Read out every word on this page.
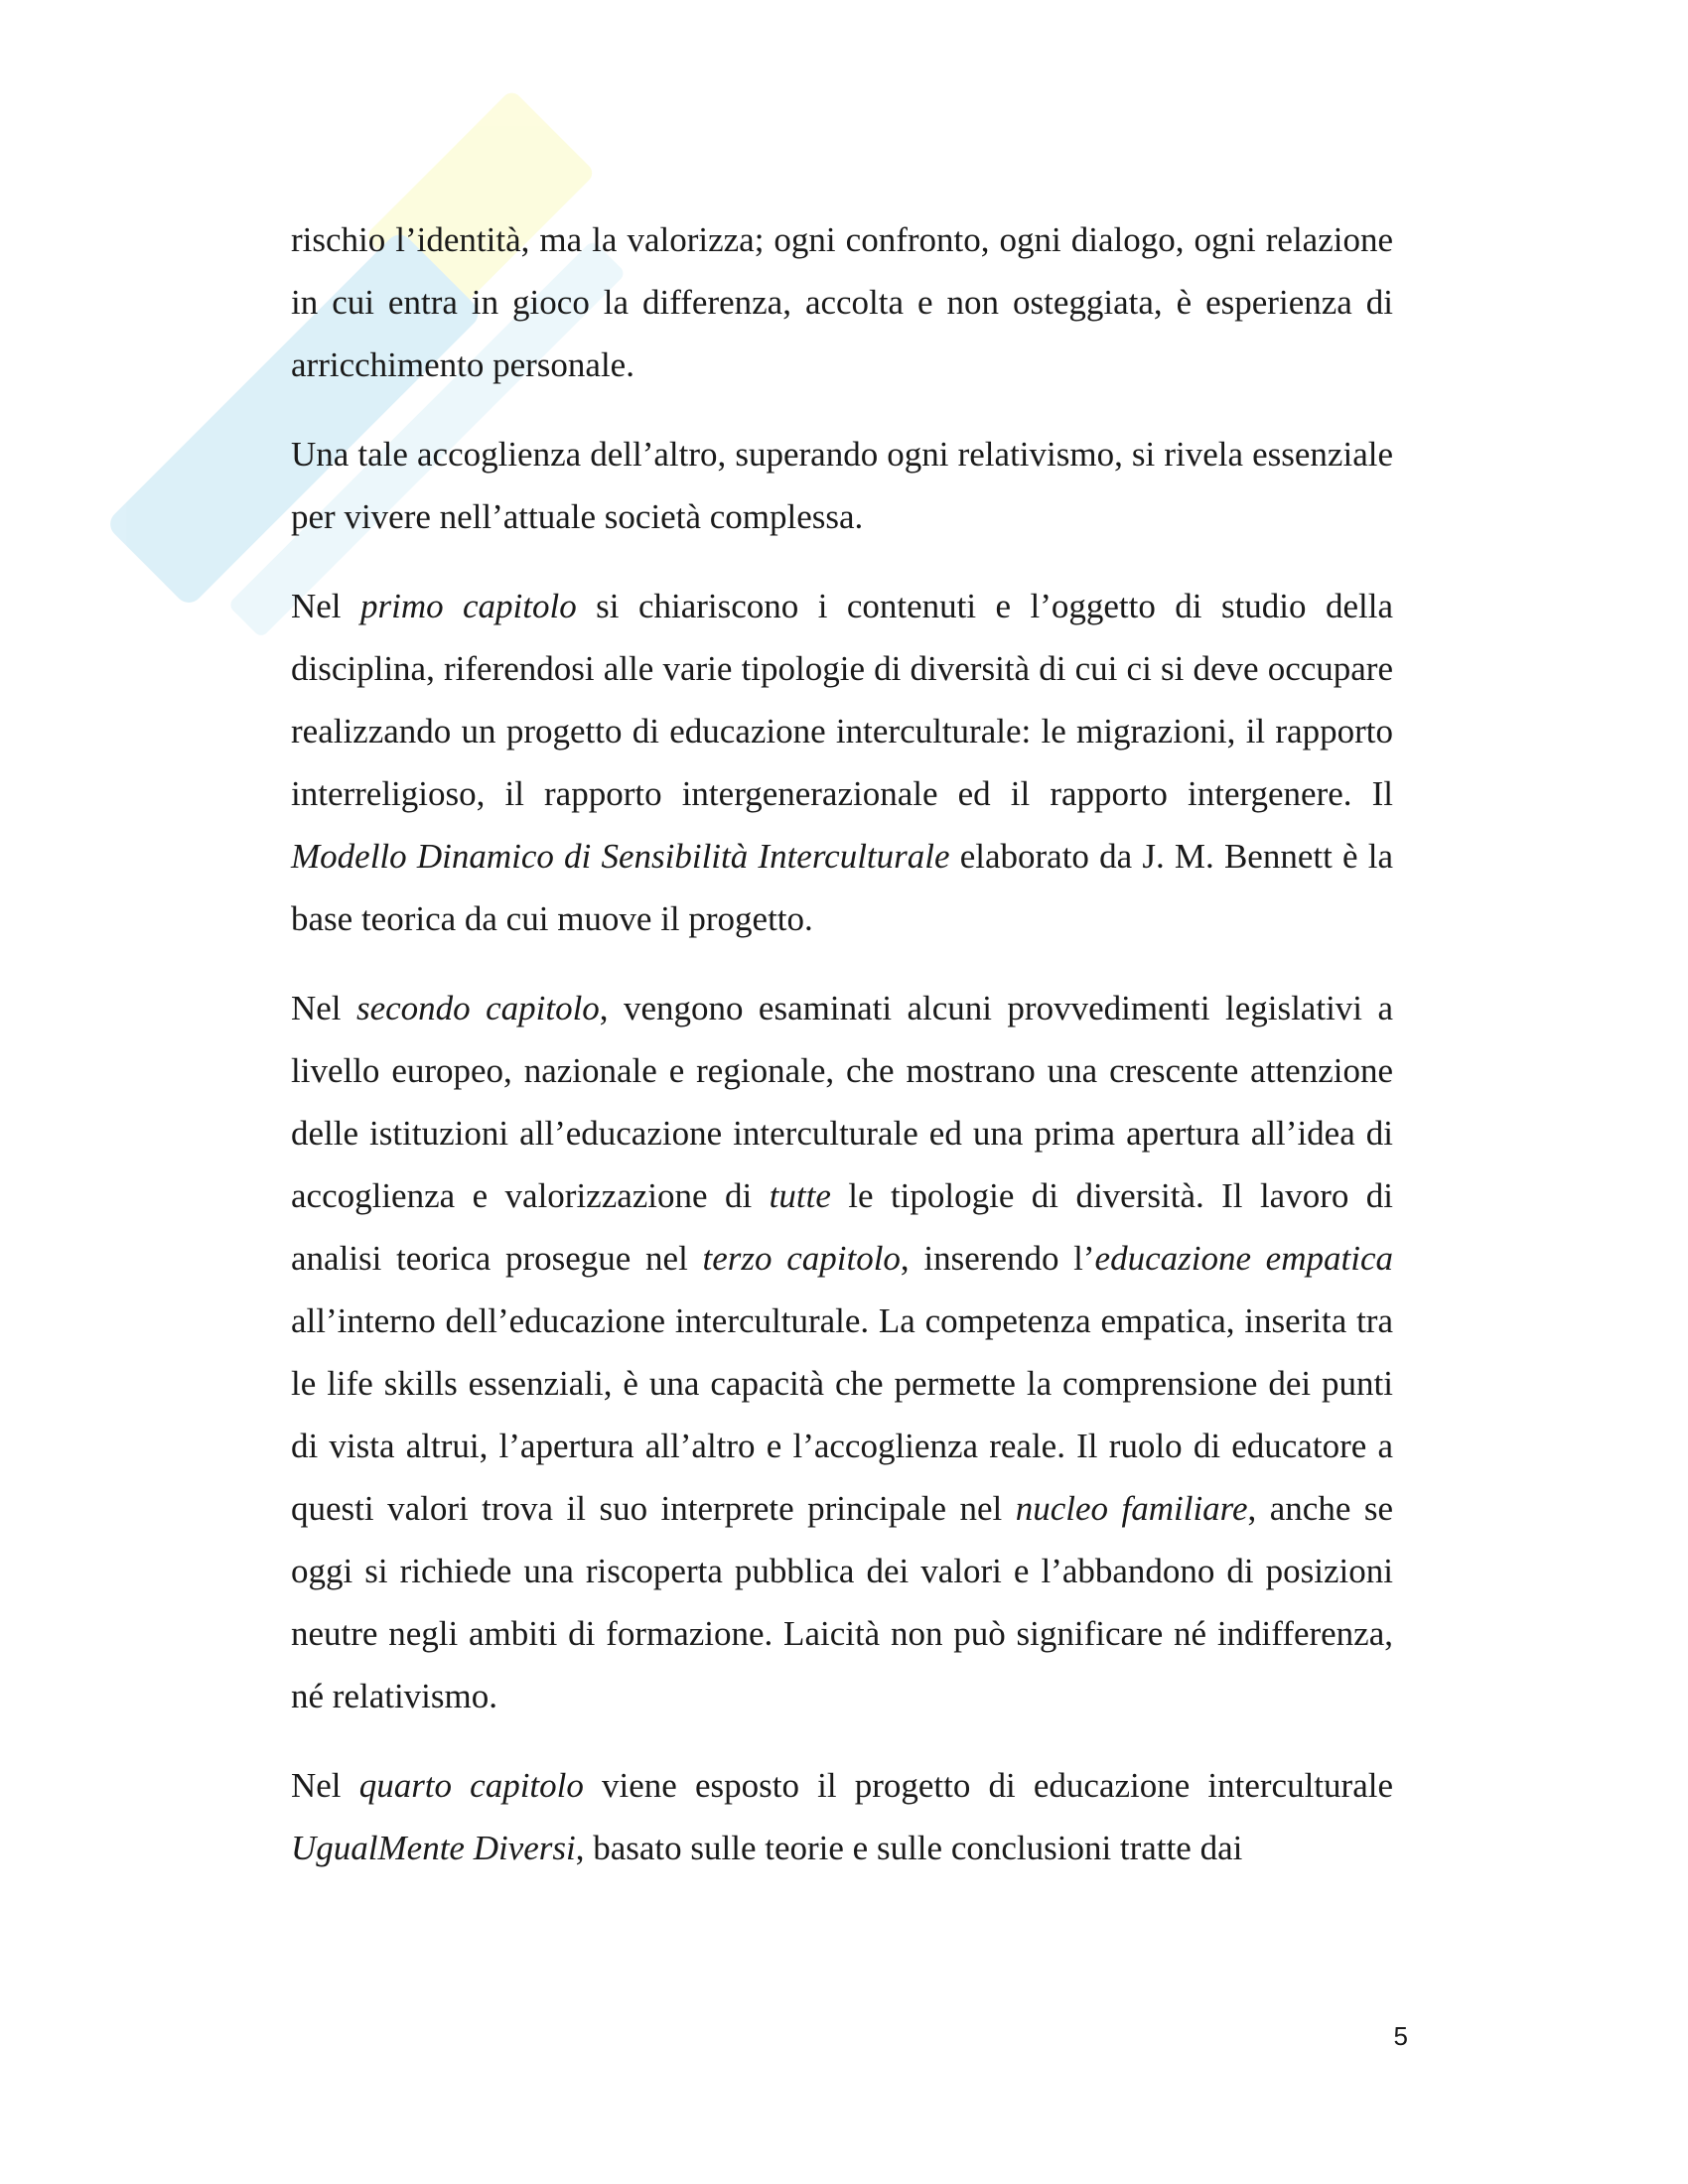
rischio l’identità, ma la valorizza; ogni confronto, ogni dialogo, ogni relazione in cui entra in gioco la differenza, accolta e non osteggiata, è esperienza di arricchimento personale.

Una tale accoglienza dell’altro, superando ogni relativismo, si rivela essenziale per vivere nell’attuale società complessa.

Nel primo capitolo si chiariscono i contenuti e l’oggetto di studio della disciplina, riferendosi alle varie tipologie di diversità di cui ci si deve occupare realizzando un progetto di educazione interculturale: le migrazioni, il rapporto interreligioso, il rapporto intergenerazionale ed il rapporto intergenere. Il Modello Dinamico di Sensibilità Interculturale elaborato da J. M. Bennett è la base teorica da cui muove il progetto.

Nel secondo capitolo, vengono esaminati alcuni provvedimenti legislativi a livello europeo, nazionale e regionale, che mostrano una crescente attenzione delle istituzioni all’educazione interculturale ed una prima apertura all’idea di accoglienza e valorizzazione di tutte le tipologie di diversità. Il lavoro di analisi teorica prosegue nel terzo capitolo, inserendo l’educazione empatica all’interno dell’educazione interculturale. La competenza empatica, inserita tra le life skills essenziali, è una capacità che permette la comprensione dei punti di vista altrui, l’apertura all’altro e l’accoglienza reale. Il ruolo di educatore a questi valori trova il suo interprete principale nel nucleo familiare, anche se oggi si richiede una riscoperta pubblica dei valori e l’abbandono di posizioni neutre negli ambiti di formazione. Laicità non può significare né indifferenza, né relativismo.

Nel quarto capitolo viene esposto il progetto di educazione interculturale UgualMente Diversi, basato sulle teorie e sulle conclusioni tratte dai

5
